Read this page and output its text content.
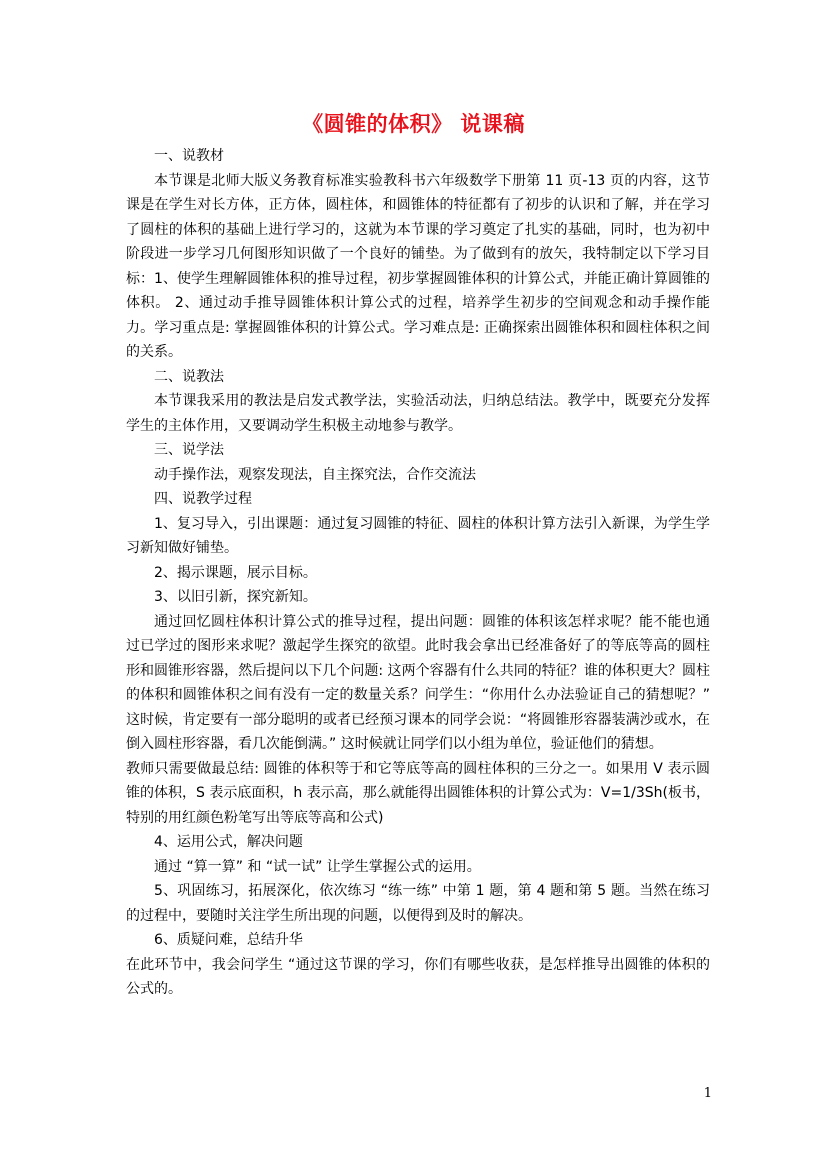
《圆锥的体积》 说课稿

一、说教材

本节课是北师大版义务教育标准实验教科书六年级数学下册第 11 页-13 页的内容，这节课是在学生对长方体，正方体，圆柱体，和圆锥体的特征都有了初步的认识和了解，并在学习了圆柱的体积的基础上进行学习的，这就为本节课的学习奠定了扎实的基础，同时，也为初中阶段进一步学习几何图形知识做了一个良好的铺垫。为了做到有的放矢，我特制定以下学习目标：1、使学生理解圆锥体积的推导过程，初步掌握圆锥体积的计算公式，并能正确计算圆锥的体积。 2、通过动手推导圆锥体积计算公式的过程，培养学生初步的空间观念和动手操作能力。学习重点是: 掌握圆锥体积的计算公式。学习难点是: 正确探索出圆锥体积和圆柱体积之间的关系。

二、说教法

本节课我采用的教法是启发式教学法，实验活动法，归纳总结法。教学中，既要充分发挥学生的主体作用，又要调动学生积极主动地参与教学。

三、说学法

动手操作法，观察发现法，自主探究法，合作交流法

四、说教学过程

1、复习导入，引出课题：通过复习圆锥的特征、圆柱的体积计算方法引入新课，为学生学习新知做好铺垫。

2、揭示课题，展示目标。

3、以旧引新，探究新知。

通过回忆圆柱体积计算公式的推导过程，提出问题：圆锥的体积该怎样求呢？能不能也通过已学过的图形来求呢？激起学生探究的欲望。此时我会拿出已经准备好了的等底等高的圆柱形和圆锥形容器，然后提问以下几个问题: 这两个容器有什么共同的特征？谁的体积更大？圆柱的体积和圆锥体积之间有没有一定的数量关系？问学生：“你用什么办法验证自己的猜想呢？” 这时候，肯定要有一部分聪明的或者已经预习课本的同学会说：“将圆锥形容器装满沙或水，在倒入圆柱形容器，看几次能倒满。” 这时候就让同学们以小组为单位，验证他们的猜想。

教师只需要做最总结: 圆锥的体积等于和它等底等高的圆柱体积的三分之一。如果用 V 表示圆锥的体积，S 表示底面积，h 表示高，那么就能得出圆锥体积的计算公式为：V=1/3Sh(板书，特别的用红颜色粉笔写出等底等高和公式)

4、运用公式，解决问题

通过 “算一算” 和 “试一试” 让学生掌握公式的运用。

5、巩固练习，拓展深化，依次练习 “练一练” 中第 1 题，第 4 题和第 5 题。当然在练习的过程中，要随时关注学生所出现的问题，以便得到及时的解决。

6、质疑问难，总结升华

在此环节中，我会问学生 “通过这节课的学习，你们有哪些收获，是怎样推导出圆锥的体积的公式的。

1
